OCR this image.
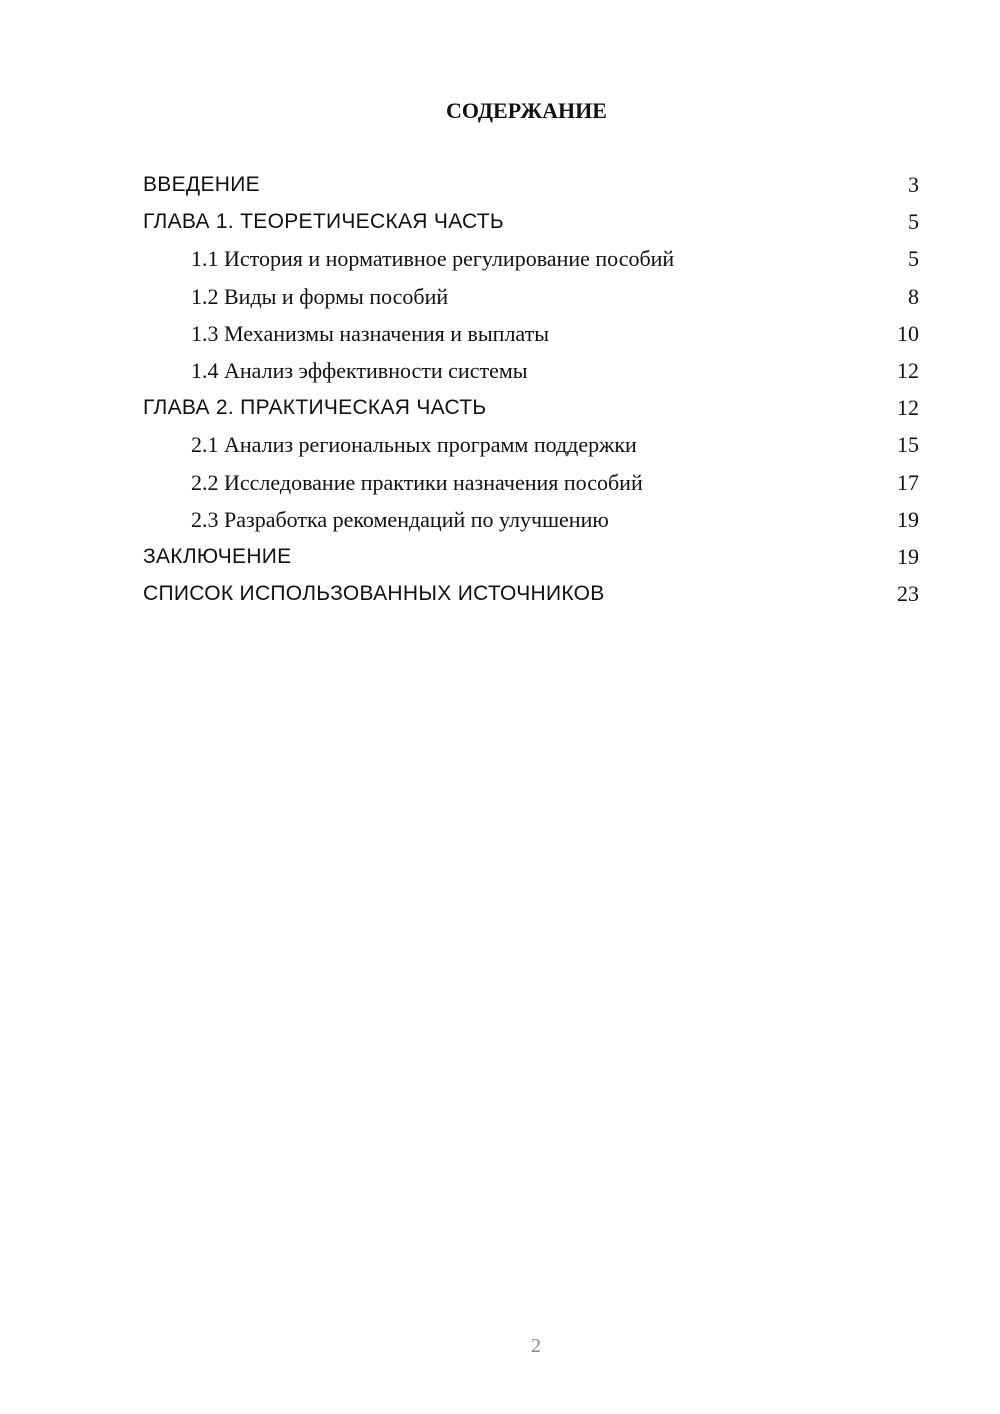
СОДЕРЖАНИЕ
ВВЕДЕНИЕ	3
ГЛАВА 1. ТЕОРЕТИЧЕСКАЯ ЧАСТЬ	5
1.1 История и нормативное регулирование пособий	5
1.2 Виды и формы пособий	8
1.3 Механизмы назначения и выплаты	10
1.4 Анализ эффективности системы	12
ГЛАВА 2. ПРАКТИЧЕСКАЯ ЧАСТЬ	12
2.1 Анализ региональных программ поддержки	15
2.2 Исследование практики назначения пособий	17
2.3 Разработка рекомендаций по улучшению	19
ЗАКЛЮЧЕНИЕ	19
СПИСОК ИСПОЛЬЗОВАННЫХ ИСТОЧНИКОВ	23
2
